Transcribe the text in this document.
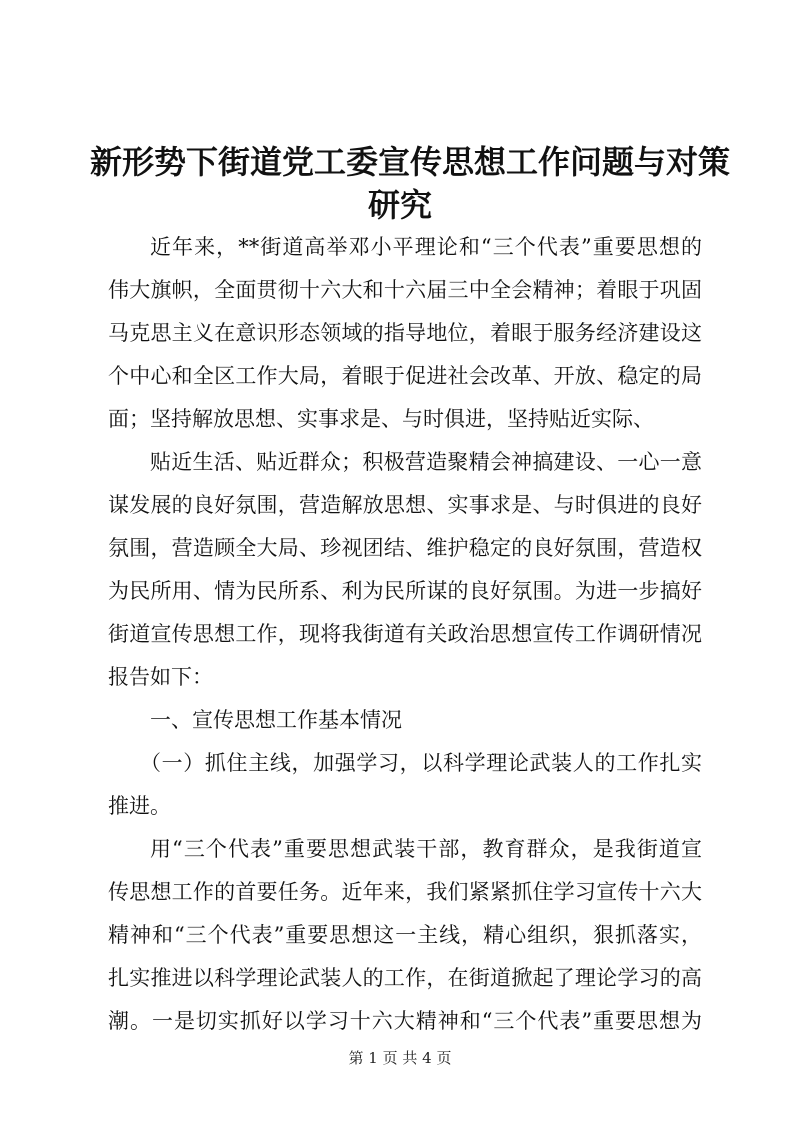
新形势下街道党工委宣传思想工作问题与对策
研究
近年来，**街道高举邓小平理论和“三个代表”重要思想的
伟大旗帜，全面贯彻十六大和十六届三中全会精神；着眼于巩固
马克思主义在意识形态领域的指导地位，着眼于服务经济建设这
个中心和全区工作大局，着眼于促进社会改革、开放、稳定的局
面；坚持解放思想、实事求是、与时俱进，坚持贴近实际、
贴近生活、贴近群众；积极营造聚精会神搞建设、一心一意
谋发展的良好氛围，营造解放思想、实事求是、与时俱进的良好
氛围，营造顾全大局、珍视团结、维护稳定的良好氛围，营造权
为民所用、情为民所系、利为民所谋的良好氛围。为进一步搞好
街道宣传思想工作，现将我街道有关政治思想宣传工作调研情况
报告如下：
一、宣传思想工作基本情况
（一）抓住主线，加强学习，以科学理论武装人的工作扎实
推进。
用“三个代表”重要思想武装干部，教育群众，是我街道宣
传思想工作的首要任务。近年来，我们紧紧抓住学习宣传十六大
精神和“三个代表”重要思想这一主线，精心组织，狠抓落实，
扎实推进以科学理论武装人的工作，在街道掀起了理论学习的高
潮。一是切实抓好以学习十六大精神和“三个代表”重要思想为
第 1 页 共 4 页
